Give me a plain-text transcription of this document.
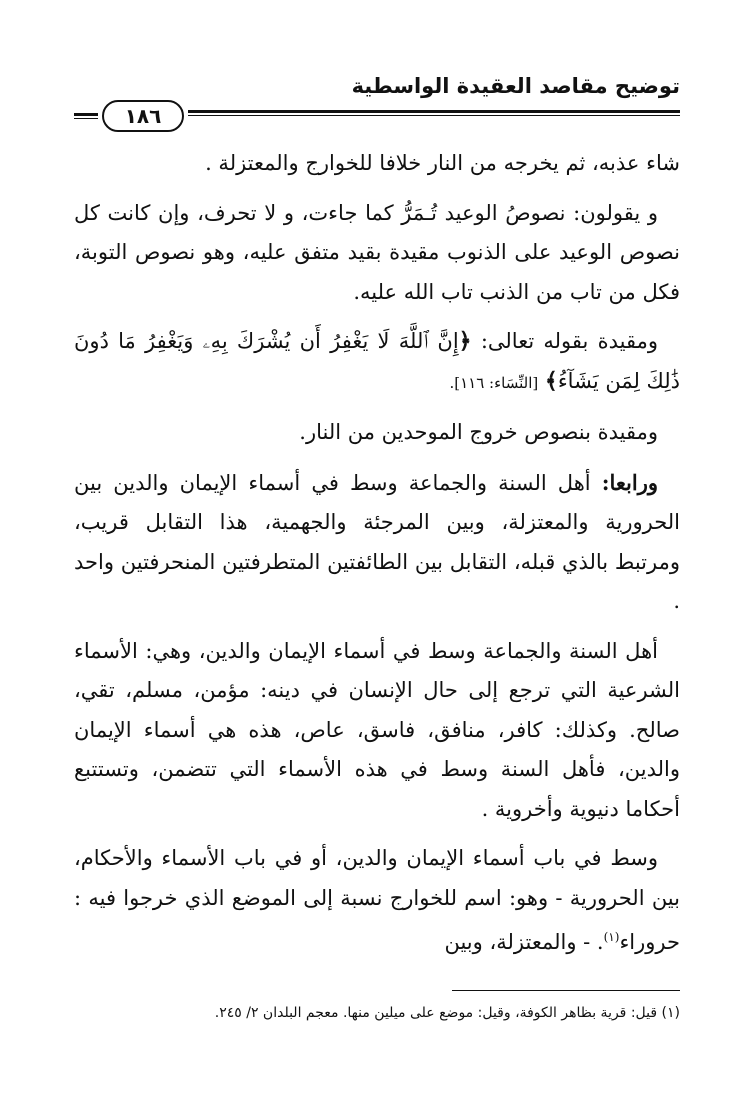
توضيح مقاصد العقيدة الواسطية
١٨٦

شاء عذبه، ثم يخرجه من النار خلافا للخوارج والمعتزلة .

و يقولون: نصوصُ الوعيد تُـمَرُّ كما جاءت، و لا تحرف، وإن كانت كل نصوص الوعيد على الذنوب مقيدة بقيد متفق عليه، وهو نصوص التوبة، فكل من تاب من الذنب تاب الله عليه.

ومقيدة بقوله تعالى: ﴿إِنَّ ٱللَّهَ لَا يَغْفِرُ أَن يُشْرَكَ بِهِۦ وَيَغْفِرُ مَا دُونَ ذَٰلِكَ لِمَن يَشَآءُ﴾ [النِّسَاء: ١١٦].

ومقيدة بنصوص خروج الموحدين من النار.

ورابعا: أهل السنة والجماعة وسط في أسماء الإيمان والدين بين الحرورية والمعتزلة، وبين المرجئة والجهمية، هذا التقابل قريب، ومرتبط بالذي قبله، التقابل بين الطائفتين المتطرفتين المنحرفتين واحد .

أهل السنة والجماعة وسط في أسماء الإيمان والدين، وهي: الأسماء الشرعية التي ترجع إلى حال الإنسان في دينه: مؤمن، مسلم، تقي، صالح. وكذلك: كافر، منافق، فاسق، عاص، هذه هي أسماء الإيمان والدين، فأهل السنة وسط في هذه الأسماء التي تتضمن، وتستتبع أحكاما دنيوية وأخروية .

وسط في باب أسماء الإيمان والدين، أو في باب الأسماء والأحكام، بين الحرورية - وهو: اسم للخوارج نسبة إلى الموضع الذي خرجوا فيه : حروراء$^{(١)}$. - والمعتزلة، وبين

(١) قيل: قرية بظاهر الكوفة، وقيل: موضع على ميلين منها. معجم البلدان ٢/ ٢٤٥.
